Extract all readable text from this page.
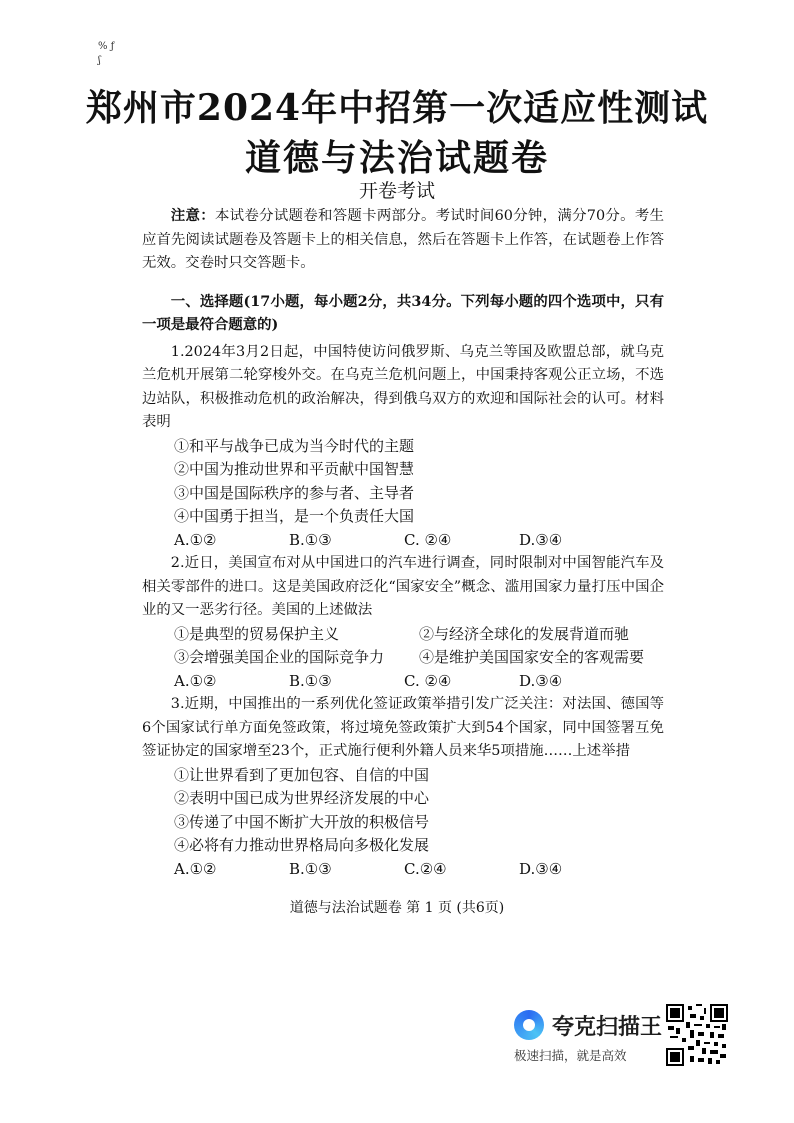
% ƒ
ʃ
郑州市2024年中招第一次适应性测试
道德与法治试题卷
开卷考试

注意：本试卷分试题卷和答题卡两部分。考试时间60分钟，满分70分。考生应首先阅读试题卷及答题卡上的相关信息，然后在答题卡上作答，在试题卷上作答无效。交卷时只交答题卡。

一、选择题(17小题，每小题2分，共34分。下列每小题的四个选项中，只有一项是最符合题意的)

1.2024年3月2日起，中国特使访问俄罗斯、乌克兰等国及欧盟总部，就乌克兰危机开展第二轮穿梭外交。在乌克兰危机问题上，中国秉持客观公正立场，不选边站队，积极推动危机的政治解决，得到俄乌双方的欢迎和国际社会的认可。材料表明

①和平与战争已成为当今时代的主题

②中国为推动世界和平贡献中国智慧

③中国是国际秩序的参与者、主导者

④中国勇于担当，是一个负责任大国

A.①②	B.①③	C. ②④	D.③④

2.近日，美国宣布对从中国进口的汽车进行调查，同时限制对中国智能汽车及相关零部件的进口。这是美国政府泛化“国家安全”概念、滥用国家力量打压中国企业的又一恶劣行径。美国的上述做法

①是典型的贸易保护主义	②与经济全球化的发展背道而驰
③会增强美国企业的国际竞争力	④是维护美国国家安全的客观需要
A.①②	B.①③	C. ②④	D.③④

3.近期，中国推出的一系列优化签证政策举措引发广泛关注：对法国、德国等6个国家试行单方面免签政策，将过境免签政策扩大到54个国家，同中国签署互免签证协定的国家增至23个，正式施行便利外籍人员来华5项措施……上述举措

①让世界看到了更加包容、自信的中国

②表明中国已成为世界经济发展的中心

③传递了中国不断扩大开放的积极信号

④必将有力推动世界格局向多极化发展

A.①②	B.①③	C.②④	D.③④
道德与法治试题卷 第 1 页 (共6页)
夸克扫描王
极速扫描，就是高效
